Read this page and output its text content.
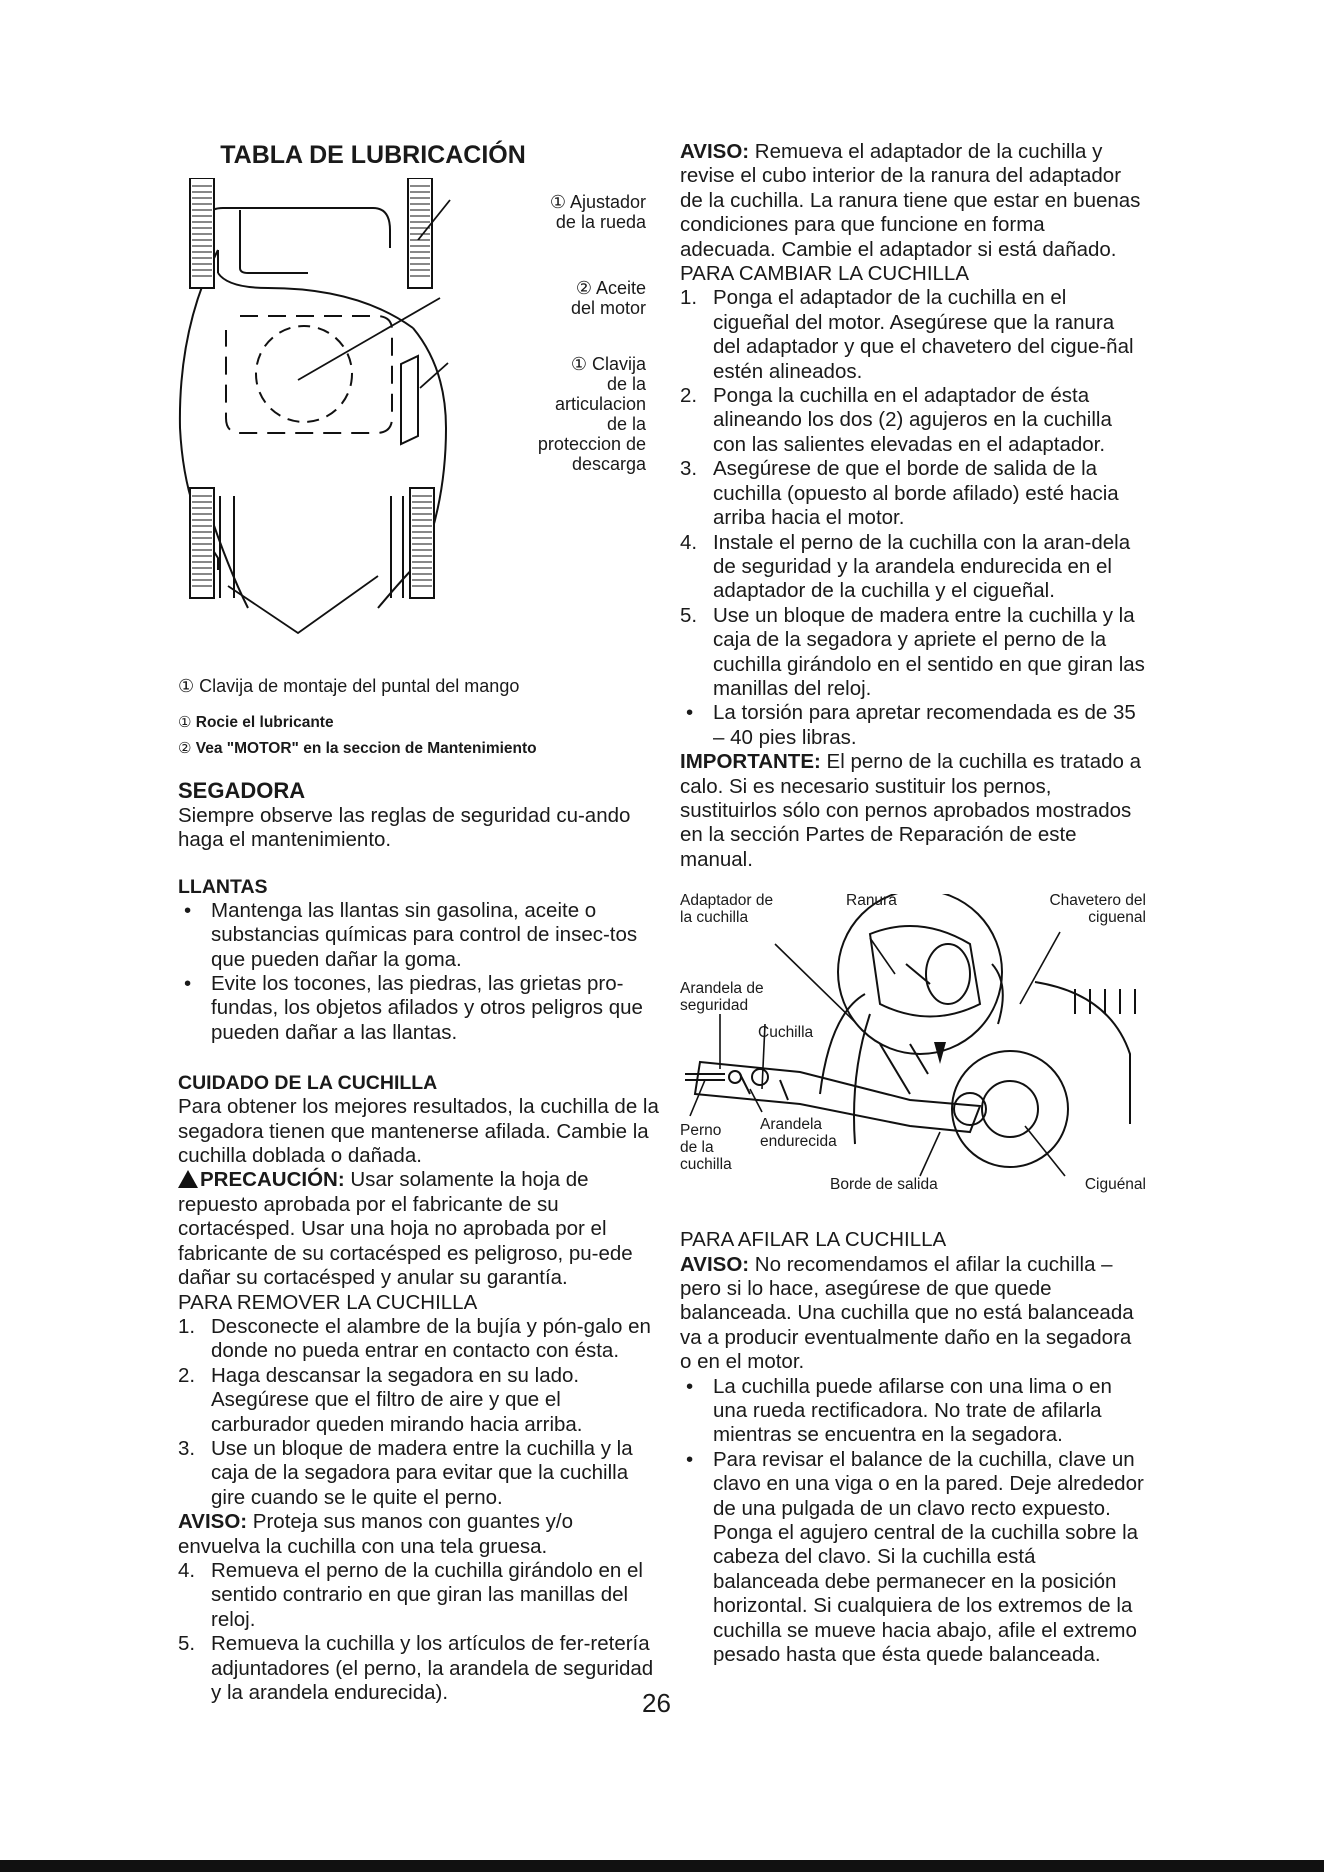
TABLA DE LUBRICACIÓN

① Ajustador
de la rueda
② Aceite
del motor
① Clavija
de la
articulacion
de la
proteccion de
descarga
① Clavija de montaje del puntal del mango
① Rocie el lubricante
② Vea "MOTOR" en la seccion de Mantenimiento

SEGADORA

Siempre observe las reglas de seguridad cu-ando haga el mantenimiento.

LLANTAS

• Mantenga las llantas sin gasolina, aceite o substancias químicas para control de insec-tos que pueden dañar la goma.
• Evite los tocones, las piedras, las grietas pro-fundas, los objetos afilados y otros peligros que pueden dañar a las llantas.

CUIDADO DE LA CUCHILLA

Para obtener los mejores resultados, la cuchilla de la segadora tienen que mantenerse afilada. Cambie la cuchilla doblada o dañada.

PRECAUCIÓN: Usar solamente la hoja de repuesto aprobada por el fabricante de su cortacésped. Usar una hoja no aprobada por el fabricante de su cortacésped es peligroso, pu-ede dañar su cortacésped y anular su garantía.

PARA REMOVER LA CUCHILLA

1. Desconecte el alambre de la bujía y pón-galo en donde no pueda entrar en contacto con ésta.
2. Haga descansar la segadora en su lado. Asegúrese que el filtro de aire y que el carburador queden mirando hacia arriba.
3. Use un bloque de madera entre la cuchilla y la caja de la segadora para evitar que la cuchilla gire cuando se le quite el perno.

AVISO: Proteja sus manos con guantes y/o envuelva la cuchilla con una tela gruesa.

4. Remueva el perno de la cuchilla girándolo en el sentido contrario en que giran las manillas del reloj.
5. Remueva la cuchilla y los artículos de fer-retería adjuntadores (el perno, la arandela de seguridad y la arandela endurecida).

AVISO: Remueva el adaptador de la cuchilla y revise el cubo interior de la ranura del adaptador de la cuchilla. La ranura tiene que estar en buenas condiciones para que funcione en forma adecuada. Cambie el adaptador si está dañado.

PARA CAMBIAR LA CUCHILLA

1. Ponga el adaptador de la cuchilla en el cigueñal del motor. Asegúrese que la ranura del adaptador y que el chavetero del cigue-ñal estén alineados.
2. Ponga la cuchilla en el adaptador de ésta alineando los dos (2) agujeros en la cuchilla con las salientes elevadas en el adaptador.
3. Asegúrese de que el borde de salida de la cuchilla (opuesto al borde afilado) esté hacia arriba hacia el motor.
4. Instale el perno de la cuchilla con la aran-dela de seguridad y la arandela endurecida en el adaptador de la cuchilla y el cigueñal.
5. Use un bloque de madera entre la cuchilla y la caja de la segadora y apriete el perno de la cuchilla girándolo en el sentido en que giran las manillas del reloj.
• La torsión para apretar recomendada es de 35 – 40 pies libras.

IMPORTANTE: El perno de la cuchilla es tratado a calo. Si es necesario sustituir los pernos, sustituirlos sólo con pernos aprobados mostrados en la sección Partes de Reparación de este manual.

Adaptador de
la cuchilla
Ranura	Chavetero del
ciguenal
Arandela de
seguridad
Cuchilla
Perno
de la
cuchilla
Arandela
endurecida
Borde de salida	Ciguénal

PARA AFILAR LA CUCHILLA

AVISO: No recomendamos el afilar la cuchilla – pero si lo hace, asegúrese de que quede balanceada. Una cuchilla que no está balanceada va a producir eventualmente daño en la segadora o en el motor.

• La cuchilla puede afilarse con una lima o en una rueda rectificadora. No trate de afilarla mientras se encuentra en la segadora.
• Para revisar el balance de la cuchilla, clave un clavo en una viga o en la pared. Deje alrededor de una pulgada de un clavo recto expuesto. Ponga el agujero central de la cuchilla sobre la cabeza del clavo. Si la cuchilla está balanceada debe permanecer en la posición horizontal. Si cualquiera de los extremos de la cuchilla se mueve hacia abajo, afile el extremo pesado hasta que ésta quede balanceada.
26
